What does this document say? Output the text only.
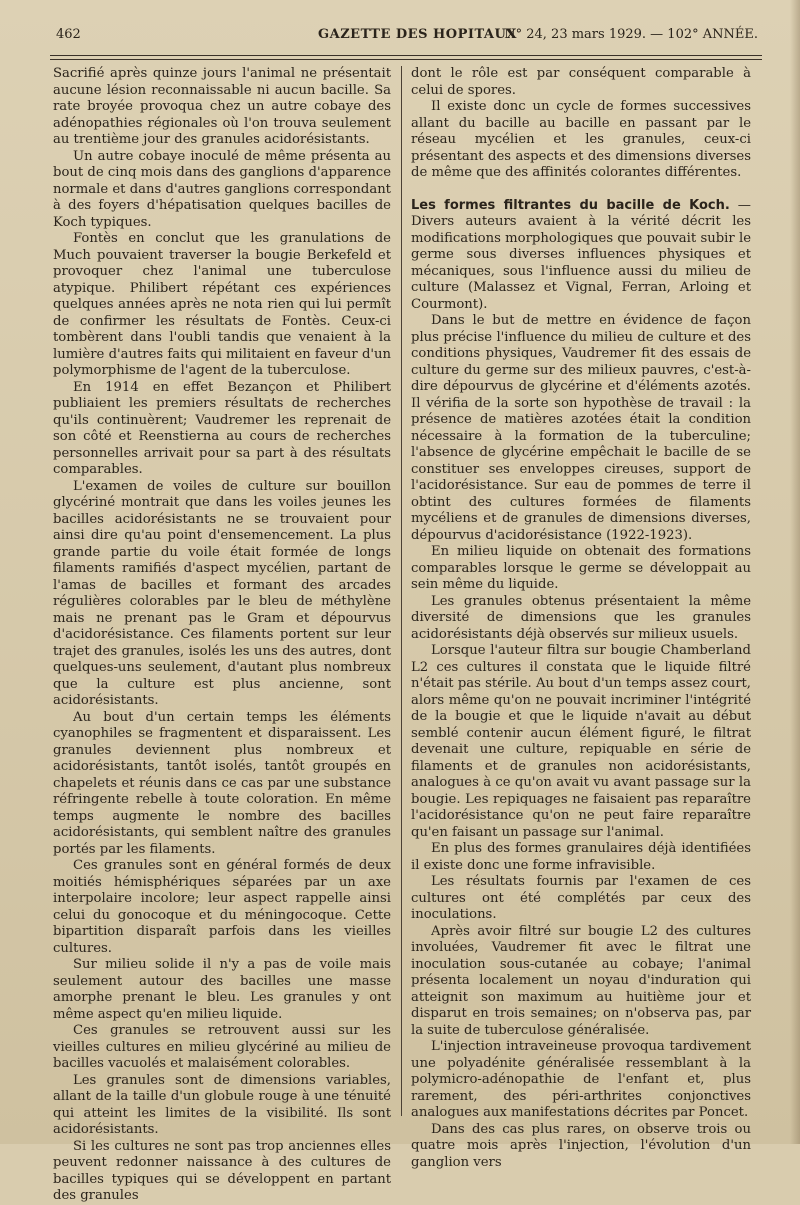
462	GAZETTE DES HOPITAUX
N° 24, 23 mars 1929. — 102° ANNÉE.

Sacrifié après quinze jours l'animal ne présentait aucune lésion reconnaissable ni aucun bacille. Sa rate broyée provoqua chez un autre cobaye des adénopathies régionales où l'on trouva seulement au trentième jour des granules acidorésistants.

Un autre cobaye inoculé de même présenta au bout de cinq mois dans des ganglions d'apparence normale et dans d'autres ganglions correspondant à des foyers d'hépatisation quelques bacilles de Koch typiques.

Fontès en conclut que les granulations de Much pouvaient traverser la bougie Berkefeld et provoquer chez l'animal une tuberculose atypique. Philibert répétant ces expériences quelques années après ne nota rien qui lui permît de confirmer les résultats de Fontès. Ceux-ci tombèrent dans l'oubli tandis que venaient à la lumière d'autres faits qui militaient en faveur d'un polymorphisme de l'agent de la tuberculose.

En 1914 en effet Bezançon et Philibert publiaient les premiers résultats de recherches qu'ils continuèrent; Vaudremer les reprenait de son côté et Reenstierna au cours de recherches personnelles arrivait pour sa part à des résultats comparables.

L'examen de voiles de culture sur bouillon glycériné montrait que dans les voiles jeunes les bacilles acidorésistants ne se trouvaient pour ainsi dire qu'au point d'ensemencement. La plus grande partie du voile était formée de longs filaments ramifiés d'aspect mycélien, partant de l'amas de bacilles et formant des arcades régulières colorables par le bleu de méthylène mais ne prenant pas le Gram et dépourvus d'acidorésistance. Ces filaments portent sur leur trajet des granules, isolés les uns des autres, dont quelques-uns seulement, d'autant plus nombreux que la culture est plus ancienne, sont acidorésistants.

Au bout d'un certain temps les éléments cyanophiles se fragmentent et disparaissent. Les granules deviennent plus nombreux et acidorésistants, tantôt isolés, tantôt groupés en chapelets et réunis dans ce cas par une substance réfringente rebelle à toute coloration. En même temps augmente le nombre des bacilles acidorésistants, qui semblent naître des granules portés par les filaments.

Ces granules sont en général formés de deux moitiés hémisphériques séparées par un axe interpolaire incolore; leur aspect rappelle ainsi celui du gonocoque et du méningocoque. Cette bipartition disparaît parfois dans les vieilles cultures.

Sur milieu solide il n'y a pas de voile mais seulement autour des bacilles une masse amorphe prenant le bleu. Les granules y ont même aspect qu'en milieu liquide.

Ces granules se retrouvent aussi sur les vieilles cultures en milieu glycériné au milieu de bacilles vacuolés et malaisément colorables.

Les granules sont de dimensions variables, allant de la taille d'un globule rouge à une ténuité qui atteint les limites de la visibilité. Ils sont acidorésistants.

Si les cultures ne sont pas trop anciennes elles peuvent redonner naissance à des cultures de bacilles typiques qui se développent en partant des granules

dont le rôle est par conséquent comparable à celui de spores.

Il existe donc un cycle de formes successives allant du bacille au bacille en passant par le réseau mycélien et les granules, ceux-ci présentant des aspects et des dimensions diverses de même que des affinités colorantes différentes.

Les formes filtrantes du bacille de Koch. — Divers auteurs avaient à la vérité décrit les modifications morphologiques que pouvait subir le germe sous diverses influences physiques et mécaniques, sous l'influence aussi du milieu de culture (Malassez et Vignal, Ferran, Arloing et Courmont).

Dans le but de mettre en évidence de façon plus précise l'influence du milieu de culture et des conditions physiques, Vaudremer fit des essais de culture du germe sur des milieux pauvres, c'est-à-dire dépourvus de glycérine et d'éléments azotés. Il vérifia de la sorte son hypothèse de travail : la présence de matières azotées était la condition nécessaire à la formation de la tuberculine; l'absence de glycérine empêchait le bacille de se constituer ses enveloppes cireuses, support de l'acidorésistance. Sur eau de pommes de terre il obtint des cultures formées de filaments mycéliens et de granules de dimensions diverses, dépourvus d'acidorésistance (1922-1923).

En milieu liquide on obtenait des formations comparables lorsque le germe se développait au sein même du liquide.

Les granules obtenus présentaient la même diversité de dimensions que les granules acidorésistants déjà observés sur milieux usuels.

Lorsque l'auteur filtra sur bougie Chamberland L2 ces cultures il constata que le liquide filtré n'était pas stérile. Au bout d'un temps assez court, alors même qu'on ne pouvait incriminer l'intégrité de la bougie et que le liquide n'avait au début semblé contenir aucun élément figuré, le filtrat devenait une culture, repiquable en série de filaments et de granules non acidorésistants, analogues à ce qu'on avait vu avant passage sur la bougie. Les repiquages ne faisaient pas reparaître l'acidorésistance qu'on ne peut faire reparaître qu'en faisant un passage sur l'animal.

En plus des formes granulaires déjà identifiées il existe donc une forme infravisible.

Les résultats fournis par l'examen de ces cultures ont été complétés par ceux des inoculations.

Après avoir filtré sur bougie L2 des cultures involuées, Vaudremer fit avec le filtrat une inoculation sous-cutanée au cobaye; l'animal présenta localement un noyau d'induration qui atteignit son maximum au huitième jour et disparut en trois semaines; on n'observa pas, par la suite de tuberculose généralisée.

L'injection intraveineuse provoqua tardivement une polyadénite généralisée ressemblant à la polymicro-adénopathie de l'enfant et, plus rarement, des péri-arthrites conjonctives analogues aux manifestations décrites par Poncet.

Dans des cas plus rares, on observe trois ou quatre mois après l'injection, l'évolution d'un ganglion vers
